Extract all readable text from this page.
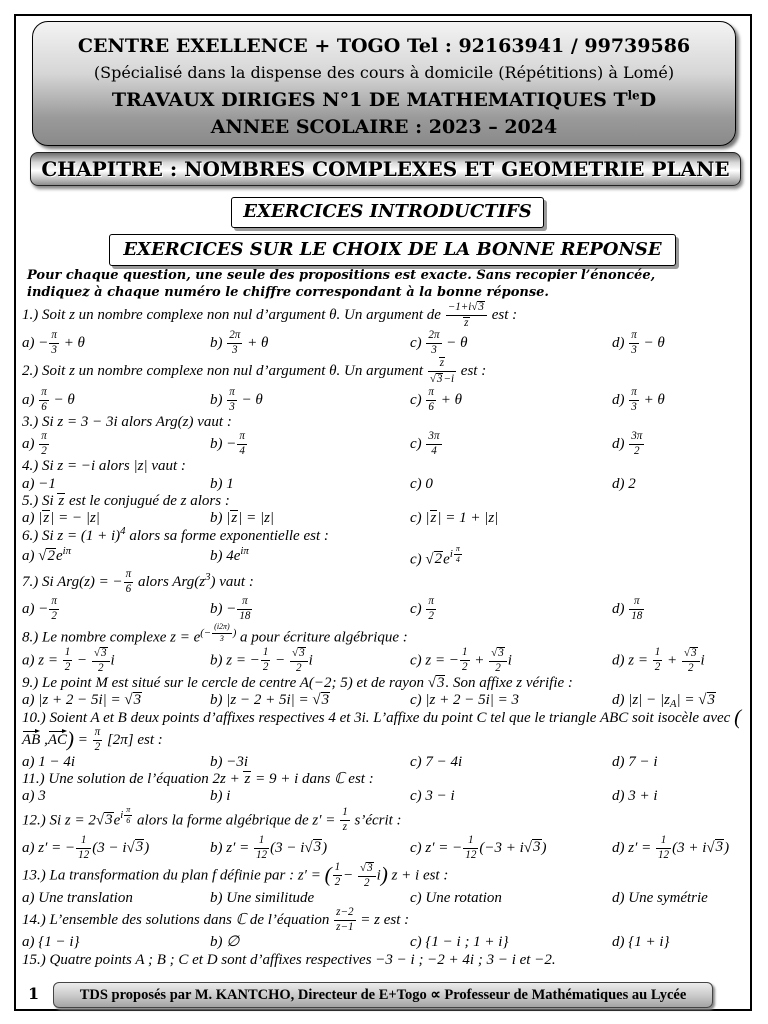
CENTRE EXELLENCE + TOGO Tel : 92163941 / 99739586
(Spécialisé dans la dispense des cours à domicile (Répétitions) à Lomé)
TRAVAUX DIRIGES N°1 DE MATHEMATIQUES $T^{le}D$
ANNEE SCOLAIRE : 2023 – 2024
CHAPITRE : NOMBRES COMPLEXES ET GEOMETRIE PLANE
EXERCICES INTRODUCTIFS
EXERCICES SUR LE CHOIX DE LA BONNE REPONSE
Pour chaque question, une seule des propositions est exacte. Sans recopier l’énoncée,
indiquez à chaque numéro le chiffre correspondant à la bonne réponse.
1.) Soit z un nombre complexe non nul d’argument θ. Un argument de $\frac{-1+i√3}{z}$ est :
$a) - \frac{\pi}{3} + \theta$	$b) \frac{2\pi}{3} + \theta$	$c) \frac{2\pi}{3} - \theta$	$d) \frac{\pi}{3} - \theta$
2.) Soit z un nombre complexe non nul d’argument θ. Un argument $\frac{z}{√3-i}$ est :
$a) \frac{\pi}{6} - \theta$	$b) \frac{\pi}{3} - \theta$	$c) \frac{\pi}{6} + \theta$	$d) \frac{\pi}{3} + \theta$
3.) Si z = 3 − 3i alors Arg(z) vaut :
$a) \frac{\pi}{2}$	$b) - \frac{\pi}{4}$	$c) \frac{3\pi}{4}$	$d) \frac{3\pi}{2}$
4.) Si z = −i alors |z| vaut :
a) −1	b) 1	c) 0	d) 2
5.) Si z est le conjugué de z alors :
a) |z| = − |z|	b) |z| = |z|	c) |z| = 1 + |z|
6.) Si $z = (1 + i)^4$ alors sa forme exponentielle est :
a) $√2e^{i\pi}$	b) $4e^{i\pi}$
c) $√2e^{i \frac{\pi}{4}}$
7.) Si Arg(z) = − $\frac{\pi}{6}$ alors $Arg(z^3)$ vaut :
$a) - \frac{\pi}{2}$	$b) - \frac{\pi}{18}$	$c) \frac{\pi}{2}$	$d) \frac{\pi}{18}$
8.) Le nombre complexe $z = e^{(- \frac{(i2\pi)}{3} )}$ a pour écriture algébrique :
a) $z = \frac{1}{2} - \frac{√3}{2}$ i	b) z = − $\frac{1}{2} - \frac{√3}{2}$ i	c) z = − $\frac{1}{2} + \frac{√3}{2}$ i	d) $z = \frac{1}{2} + \frac{√3}{2}$ i
9.) Le point M est situé sur le cercle de centre A(−2; 5) et de rayon √3. Son affixe z vérifie :
a) |z + 2 − 5i| = √3	b) |z − 2 + 5i| = √3	c) |z + 2 − 5i| = 3	d) $|z| - |z_A| = √3$
10.) Soient A et B deux points d’affixes respectives 4 et 3i. L’affixe du point C tel que le triangle ABC soit isocèle avec (AB $,AC) = \frac{\pi}{2} [2\pi]$ est :
a) 1 − 4i	b) −3i	c) 7 − 4i	d) 7 − i
11.) Une solution de l’équation 2z + z = 9 + i dans ℂ est :
a) 3	b) i	c) 3 − i	d) 3 + i
12.) Si $z = 2√3e^{i \frac{\pi}{6}}$ alors la forme algébrique de $z' = \frac{1}{z}$ s’écrit :
a) z′ = − $\frac{1}{12} (3 - i√3)$	b) $z' = \frac{1}{12} (3 - i√3)$	c) z′ = − $\frac{1}{12} (-3 + i√3)$	d) $z' = \frac{1}{12} (3 + i√3)$
13.) La transformation du plan f définie par : z′ = ( $\frac{1}{2} - \frac{√3}{2} i$) z + i est :
a) Une translation	b) Une similitude	c) Une rotation	d) Une symétrie
14.) L’ensemble des solutions dans ℂ de l’équation $\frac{z-2}{z-1} = z$ est :
a) {1 − i}	b) ∅	c) {1 − i ; 1 + i}	d) {1 + i}
15.) Quatre points A ; B ; C et D sont d’affixes respectives −3 − i ; −2 + 4i ; 3 − i et −2.
1	TDS proposés par M. KANTCHO, Directeur de E+Togo ∝ Professeur de Mathématiques au Lycée
